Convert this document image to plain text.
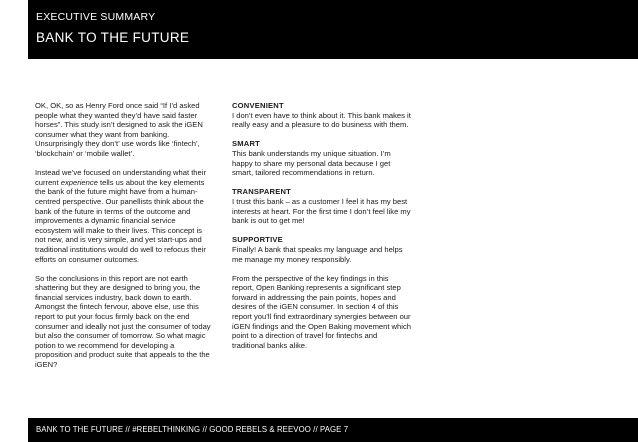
EXECUTIVE SUMMARY
BANK TO THE FUTURE

OK, OK, so as Henry Ford once said “If I’d asked people what they wanted they’d have said faster horses”. This study isn’t designed to ask the iGEN consumer what they want from banking. Unsurprisingly they don’t’ use words like ‘fintech’, ‘blockchain’ or ‘mobile wallet’.

Instead we’ve focused on understanding what their current experience tells us about the key elements the bank of the future might have from a human-centred perspective. Our panellists think about the bank of the future in terms of the outcome and improvements a dynamic financial service ecosystem will make to their lives. This concept is not new, and is very simple, and yet start-ups and traditional institutions would do well to refocus their efforts on consumer outcomes.

So the conclusions in this report are not earth shattering but they are designed to bring you, the financial services industry, back down to earth. Amongst the fintech fervour, above else, use this report to put your focus firmly back on the end consumer and ideally not just the consumer of today but also the consumer of tomorrow. So what magic potion to we recommend for developing a proposition and product suite that appeals to the the iGEN?

CONVENIENT
I don’t even have to think about it. This bank makes it really easy and a pleasure to do business with them.
SMART
This bank understands my unique situation. I’m happy to share my personal data because I get smart, tailored recommendations in return.
TRANSPARENT
I trust this bank – as a customer I feel it has my best interests at heart. For the first time I don’t feel like my bank is out to get me!
SUPPORTIVE
Finally! A bank that speaks my language and helps me manage my money responsibly.

From the perspective of the key findings in this report, Open Banking represents a significant step forward in addressing the pain points, hopes and desires of the iGEN consumer. In section 4 of this report you’ll find extraordinary synergies between our iGEN findings and the Open Baking movement which point to a direction of travel for fintechs and traditional banks alike.

BANK TO THE FUTURE // #REBELTHINKING // GOOD REBELS & REEVOO // PAGE 7
